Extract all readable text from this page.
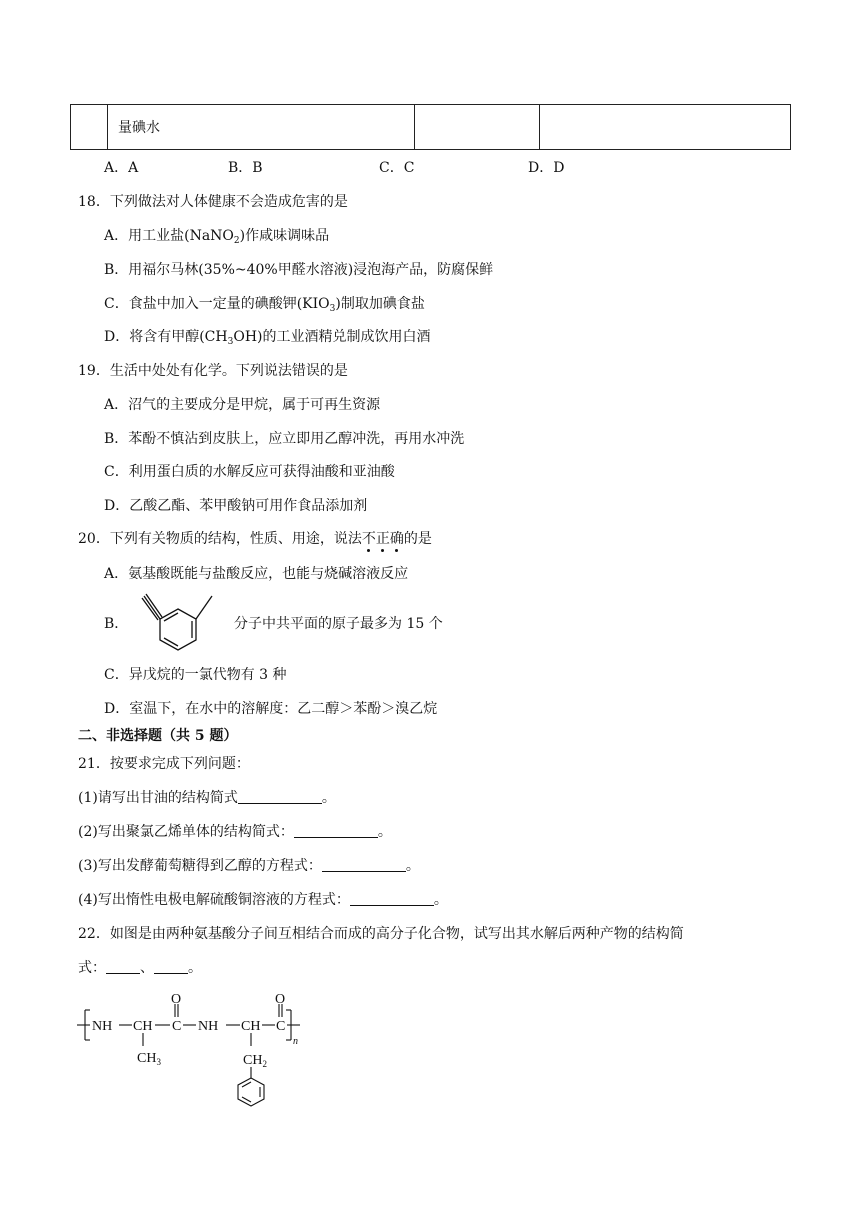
	量碘水		
A．A	B．B	C．C	D．D
18．下列做法对人体健康不会造成危害的是
A．用工业盐(NaNO$_2$)作咸味调味品
B．用福尔马林(35%~40%甲醛水溶液)浸泡海产品，防腐保鲜
C．食盐中加入一定量的碘酸钾$(KIO_3)$制取加碘食盐
D．将含有甲醇$(CH_3OH)$的工业酒精兑制成饮用白酒
19．生活中处处有化学。下列说法错误的是
A．沼气的主要成分是甲烷，属于可再生资源
B．苯酚不慎沾到皮肤上，应立即用乙醇冲洗，再用水冲洗
C．利用蛋白质的水解反应可获得油酸和亚油酸
D．乙酸乙酯、苯甲酸钠可用作食品添加剂
20．下列有关物质的结构，性质、用途，说法不
正
确
的是
A．氨基酸既能与盐酸反应，也能与烧碱溶液反应
B．	分子中共平面的原子最多为 15 个
C．异戊烷的一氯代物有 3 种
D．室温下，在水中的溶解度：乙二醇＞苯酚＞溴乙烷
二、非选择题（共 5 题）
21．按要求完成下列问题：
(1)请写出甘油的结构简式	。
(2)写出聚氯乙烯单体的结构简式：	。
(3)写出发酵葡萄糖得到乙醇的方程式：	。
(4)写出惰性电极电解硫酸铜溶液的方程式：	。
22．如图是由两种氨基酸分子间互相结合而成的高分子化合物，试写出其水解后两种产物的结构简
式： 、 。
O	O
NH CH C NH CH C
$CH_3$	$CH_2$
n
